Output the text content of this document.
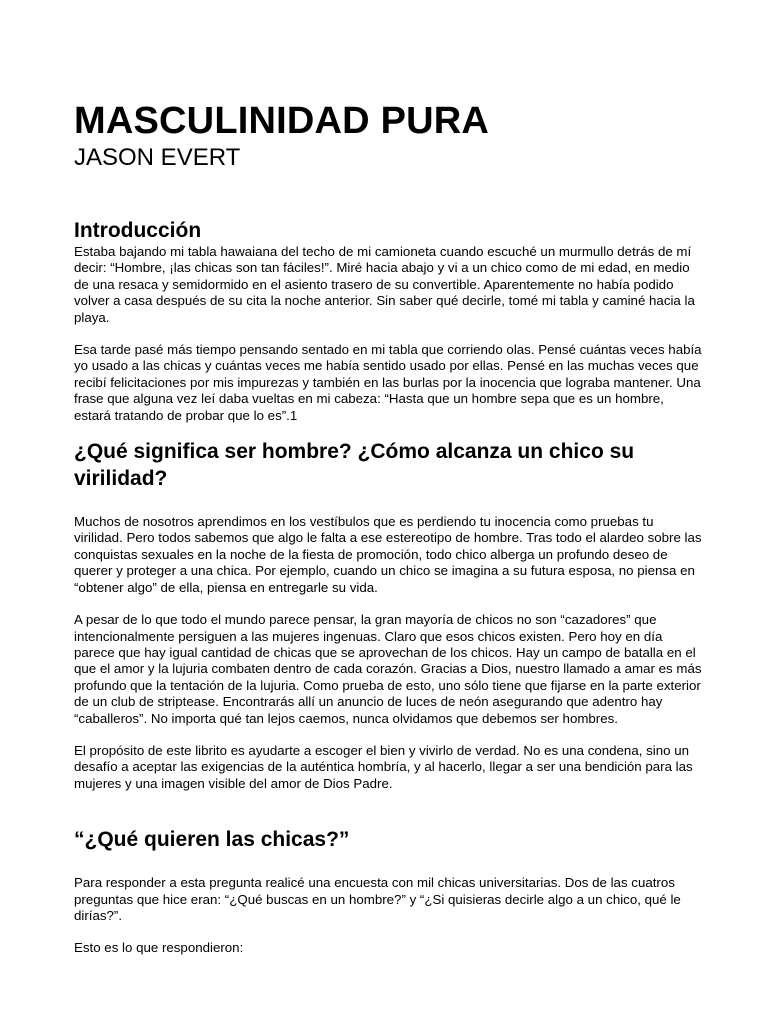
MASCULINIDAD PURA
JASON EVERT
Introducción

Estaba bajando mi tabla hawaiana del techo de mi camioneta cuando escuché un murmullo detrás de mí decir: “Hombre, ¡las chicas son tan fáciles!”. Miré hacia abajo y vi a un chico como de mi edad, en medio de una resaca y semidormido en el asiento trasero de su convertible. Aparentemente no había podido volver a casa después de su cita la noche anterior. Sin saber qué decirle, tomé mi tabla y caminé hacia la playa.

Esa tarde pasé más tiempo pensando sentado en mi tabla que corriendo olas. Pensé cuántas veces había yo usado a las chicas y cuántas veces me había sentido usado por ellas. Pensé en las muchas veces que recibí felicitaciones por mis impurezas y también en las burlas por la inocencia que lograba mantener. Una frase que alguna vez leí daba vueltas en mi cabeza: “Hasta que un hombre sepa que es un hombre, estará tratando de probar que lo es”.1

¿Qué significa ser hombre? ¿Cómo alcanza un chico su virilidad?

Muchos de nosotros aprendimos en los vestíbulos que es perdiendo tu inocencia como pruebas tu virilidad. Pero todos sabemos que algo le falta a ese estereotipo de hombre. Tras todo el alardeo sobre las conquistas sexuales en la noche de la fiesta de promoción, todo chico alberga un profundo deseo de querer y proteger a una chica. Por ejemplo, cuando un chico se imagina a su futura esposa, no piensa en “obtener algo” de ella, piensa en entregarle su vida.

A pesar de lo que todo el mundo parece pensar, la gran mayoría de chicos no son “cazadores” que intencionalmente persiguen a las mujeres ingenuas. Claro que esos chicos existen. Pero hoy en día parece que hay igual cantidad de chicas que se aprovechan de los chicos. Hay un campo de batalla en el que el amor y la lujuria combaten dentro de cada corazón. Gracias a Dios, nuestro llamado a amar es más profundo que la tentación de la lujuria. Como prueba de esto, uno sólo tiene que fijarse en la parte exterior de un club de striptease. Encontrarás allí un anuncio de luces de neón asegurando que adentro hay “caballeros”. No importa qué tan lejos caemos, nunca olvidamos que debemos ser hombres.

El propósito de este librito es ayudarte a escoger el bien y vivirlo de verdad. No es una condena, sino un desafío a aceptar las exigencias de la auténtica hombría, y al hacerlo, llegar a ser una bendición para las mujeres y una imagen visible del amor de Dios Padre.

“¿Qué quieren las chicas?”

Para responder a esta pregunta realicé una encuesta con mil chicas universitarias. Dos de las cuatros preguntas que hice eran: “¿Qué buscas en un hombre?” y “¿Si quisieras decirle algo a un chico, qué le dirías?”.

Esto es lo que respondieron:
